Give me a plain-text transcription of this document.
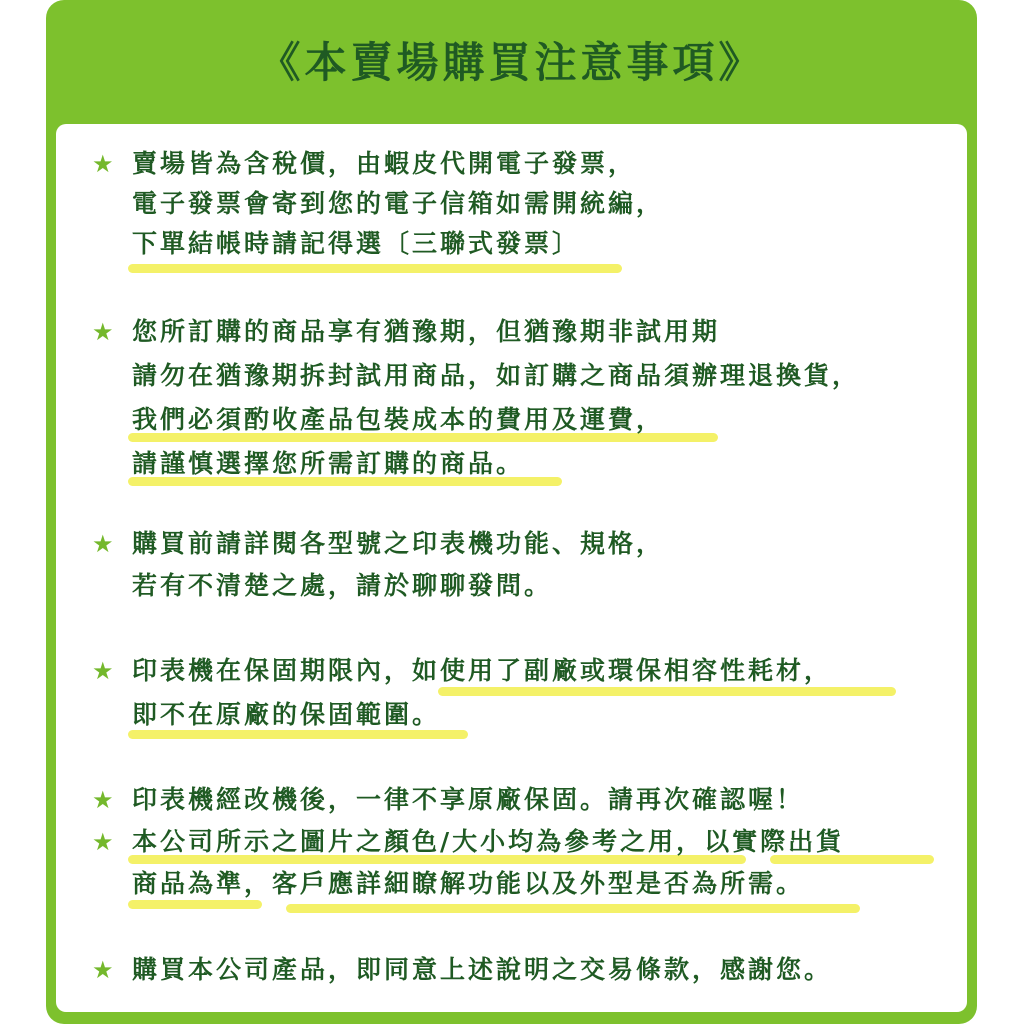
《本賣場購買注意事項》
★ 賣場皆為含稅價，由蝦皮代開電子發票，
電子發票會寄到您的電子信箱如需開統編，
下單結帳時請記得選〔三聯式發票〕
★ 您所訂購的商品享有猶豫期，但猶豫期非試用期
請勿在猶豫期拆封試用商品，如訂購之商品須辦理退換貨，
我們必須酌收產品包裝成本的費用及運費，
請謹慎選擇您所需訂購的商品。
★ 購買前請詳閱各型號之印表機功能、規格，
若有不清楚之處，請於聊聊發問。
★ 印表機在保固期限內，如使用了副廠或環保相容性耗材，
即不在原廠的保固範圍。
★ 印表機經改機後，一律不享原廠保固。請再次確認喔！
★ 本公司所示之圖片之顏色/大小均為參考之用，以實際出貨
商品為準，客戶應詳細瞭解功能以及外型是否為所需。
★ 購買本公司產品，即同意上述說明之交易條款，感謝您。
